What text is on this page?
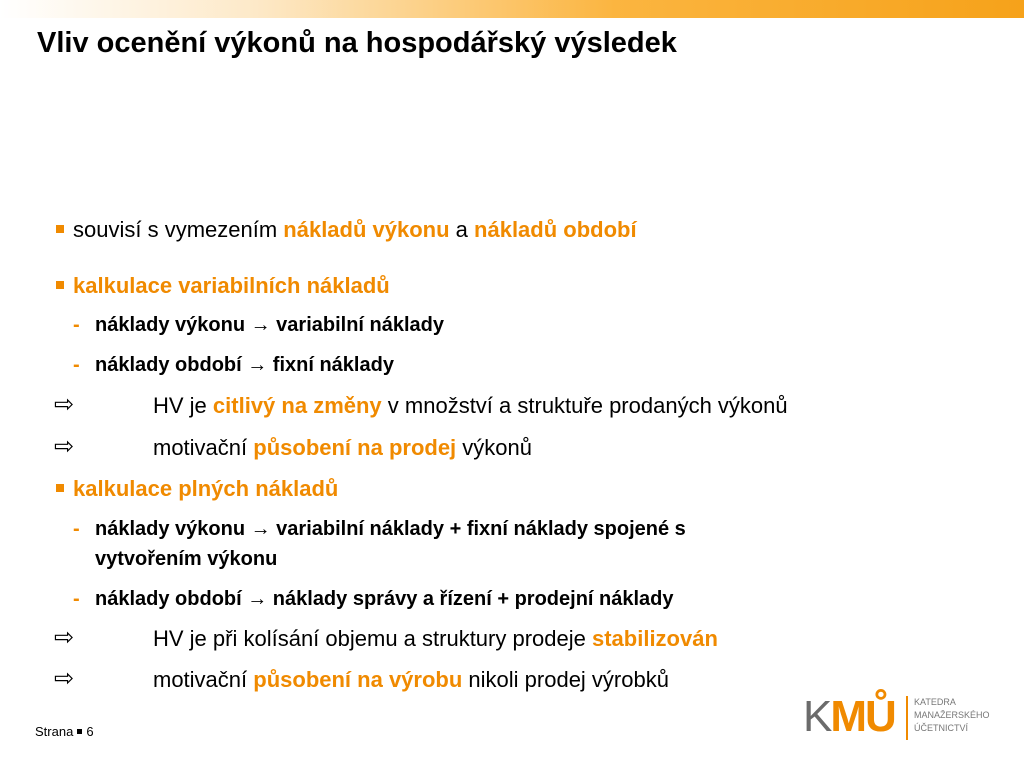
Vliv ocenění výkonů na hospodářský výsledek
souvisí s vymezením nákladů výkonu a nákladů období
kalkulace variabilních nákladů
- náklady výkonu → variabilní náklady
- náklady období → fixní náklady
⇨	HV je citlivý na změny v množství a struktuře prodaných výkonů
⇨	motivační působení na prodej výkonů
kalkulace plných nákladů
- náklady výkonu → variabilní náklady + fixní náklady spojené s
vytvořením výkonu
- náklady období → náklady správy a řízení + prodejní náklady
⇨	HV je při kolísání objemu a struktury prodeje stabilizován
⇨	motivační působení na výrobu nikoli prodej výrobků
Strana 6	KMŮ KATEDRA
MANAŽERSKÉHO
ÚČETNICTVÍ
